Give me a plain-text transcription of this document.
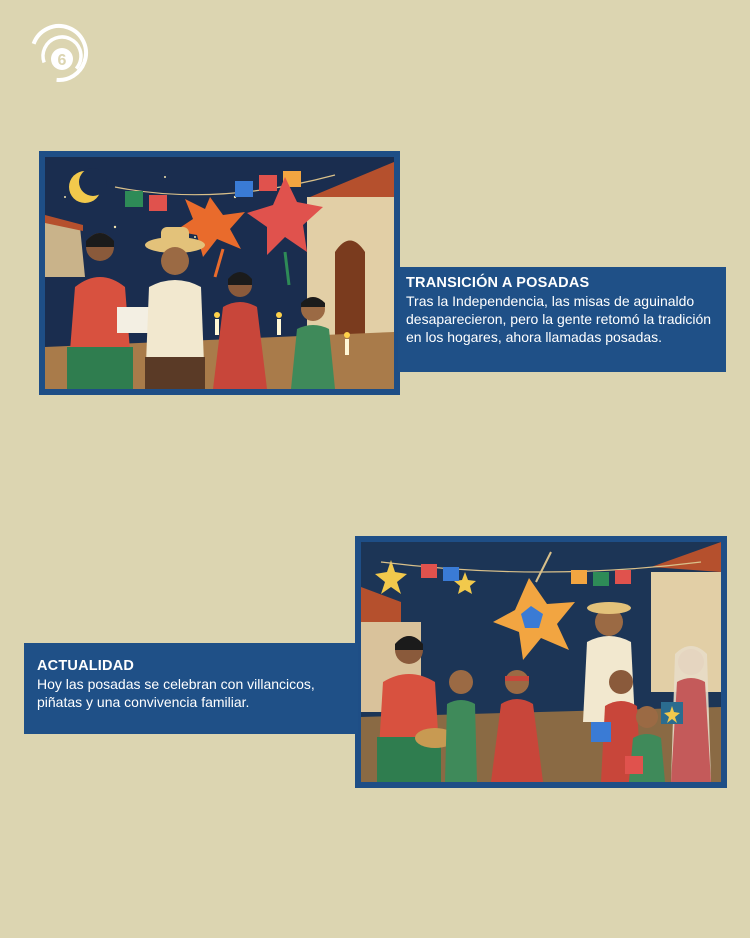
6

TRANSICIÓN A POSADAS

Tras la Independencia, las misas de aguinaldo desaparecieron, pero la gente retomó la tradición en los hogares, ahora llamadas posadas.

ACTUALIDAD

Hoy las posadas se celebran con villancicos, piñatas y una convivencia familiar.
